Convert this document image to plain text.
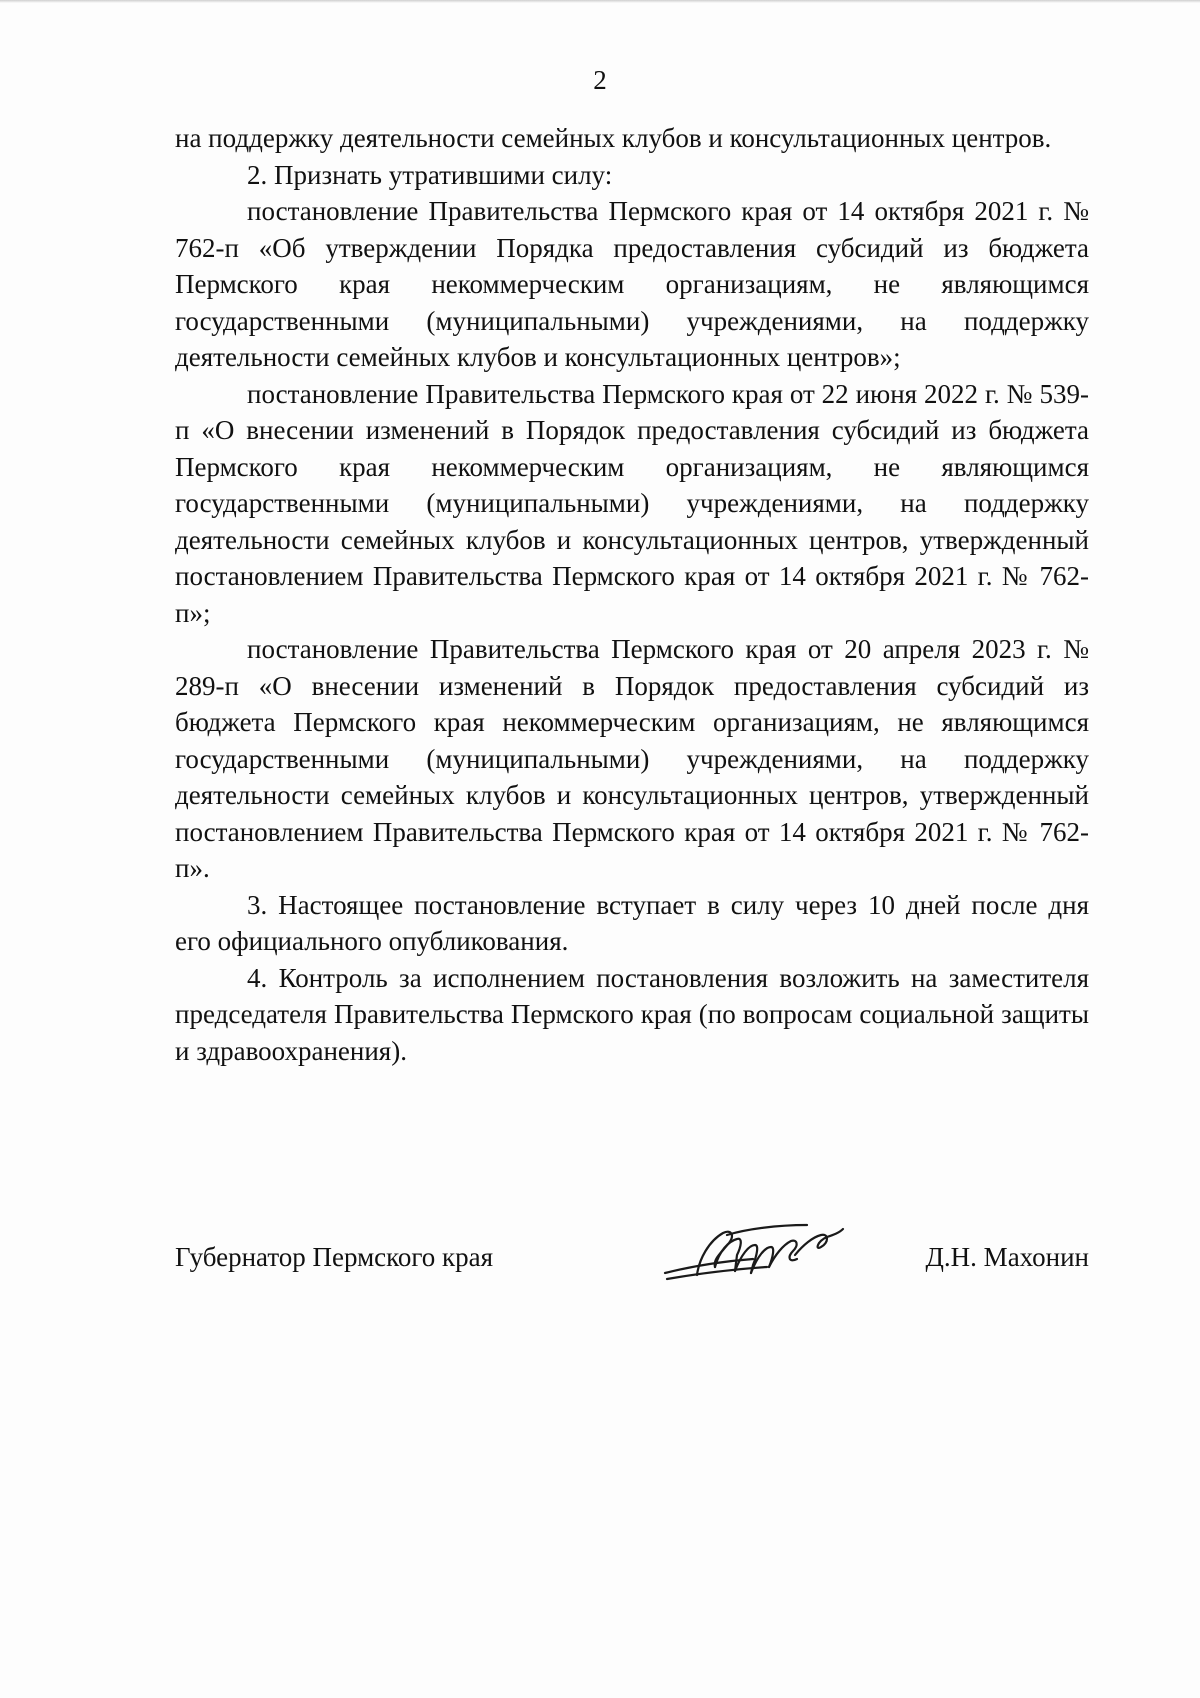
2

на поддержку деятельности семейных клубов и консультационных центров.

2. Признать утратившими силу:

постановление Правительства Пермского края от 14 октября 2021 г. № 762-п «Об утверждении Порядка предоставления субсидий из бюджета Пермского края некоммерческим организациям, не являющимся государственными (муниципальными) учреждениями, на поддержку деятельности семейных клубов и консультационных центров»;

постановление Правительства Пермского края от 22 июня 2022 г. № 539-п «О внесении изменений в Порядок предоставления субсидий из бюджета Пермского края некоммерческим организациям, не являющимся государственными (муниципальными) учреждениями, на поддержку деятельности семейных клубов и консультационных центров, утвержденный постановлением Правительства Пермского края от 14 октября 2021 г. № 762-п»;

постановление Правительства Пермского края от 20 апреля 2023 г. № 289-п «О внесении изменений в Порядок предоставления субсидий из бюджета Пермского края некоммерческим организациям, не являющимся государственными (муниципальными) учреждениями, на поддержку деятельности семейных клубов и консультационных центров, утвержденный постановлением Правительства Пермского края от 14 октября 2021 г. № 762-п».

3. Настоящее постановление вступает в силу через 10 дней после дня его официального опубликования.

4. Контроль за исполнением постановления возложить на заместителя председателя Правительства Пермского края (по вопросам социальной защиты и здравоохранения).

Губернатор Пермского края	Д.Н. Махонин
